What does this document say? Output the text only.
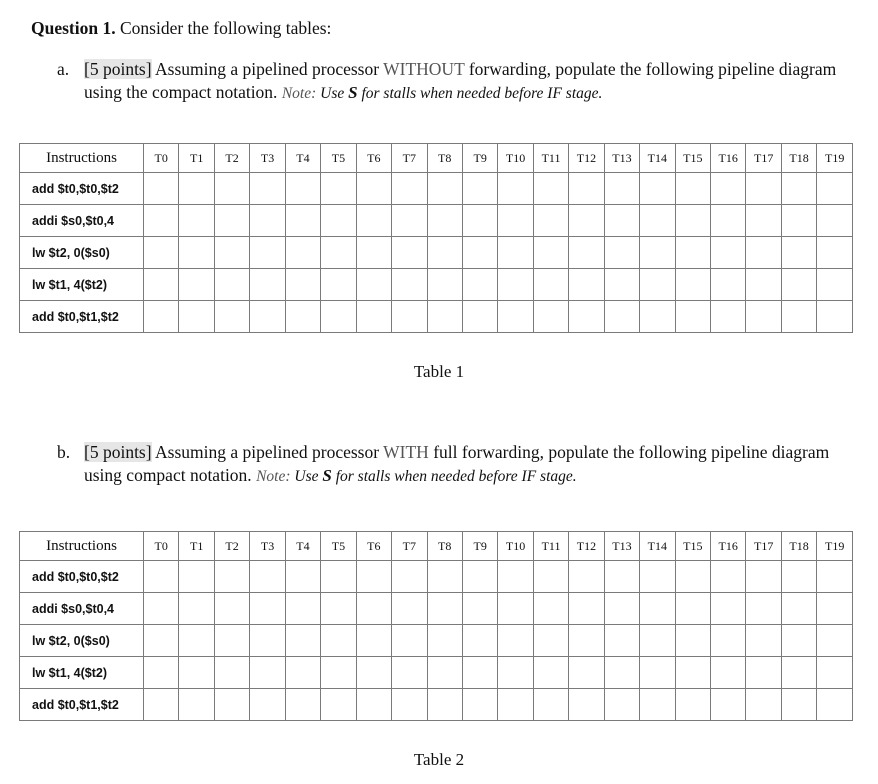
Question 1. Consider the following tables:
a. [5 points] Assuming a pipelined processor WITHOUT forwarding, populate the following pipeline diagram using the compact notation. Note: Use S for stalls when needed before IF stage.
Instructions	T0	T1	T2	T3	T4	T5	T6	T7	T8	T9	T10	T11	T12	T13	T14	T15	T16	T17	T18	T19
add $t0,$t0,$t2																				
addi $s0,$t0,4																				
lw $t2, 0($s0)																				
lw $t1, 4($t2)																				
add $t0,$t1,$t2																				
Table 1
b. [5 points] Assuming a pipelined processor WITH full forwarding, populate the following pipeline diagram using compact notation. Note: Use S for stalls when needed before IF stage.
Instructions	T0	T1	T2	T3	T4	T5	T6	T7	T8	T9	T10	T11	T12	T13	T14	T15	T16	T17	T18	T19
add $t0,$t0,$t2																				
addi $s0,$t0,4																				
lw $t2, 0($s0)																				
lw $t1, 4($t2)																				
add $t0,$t1,$t2																				
Table 2
